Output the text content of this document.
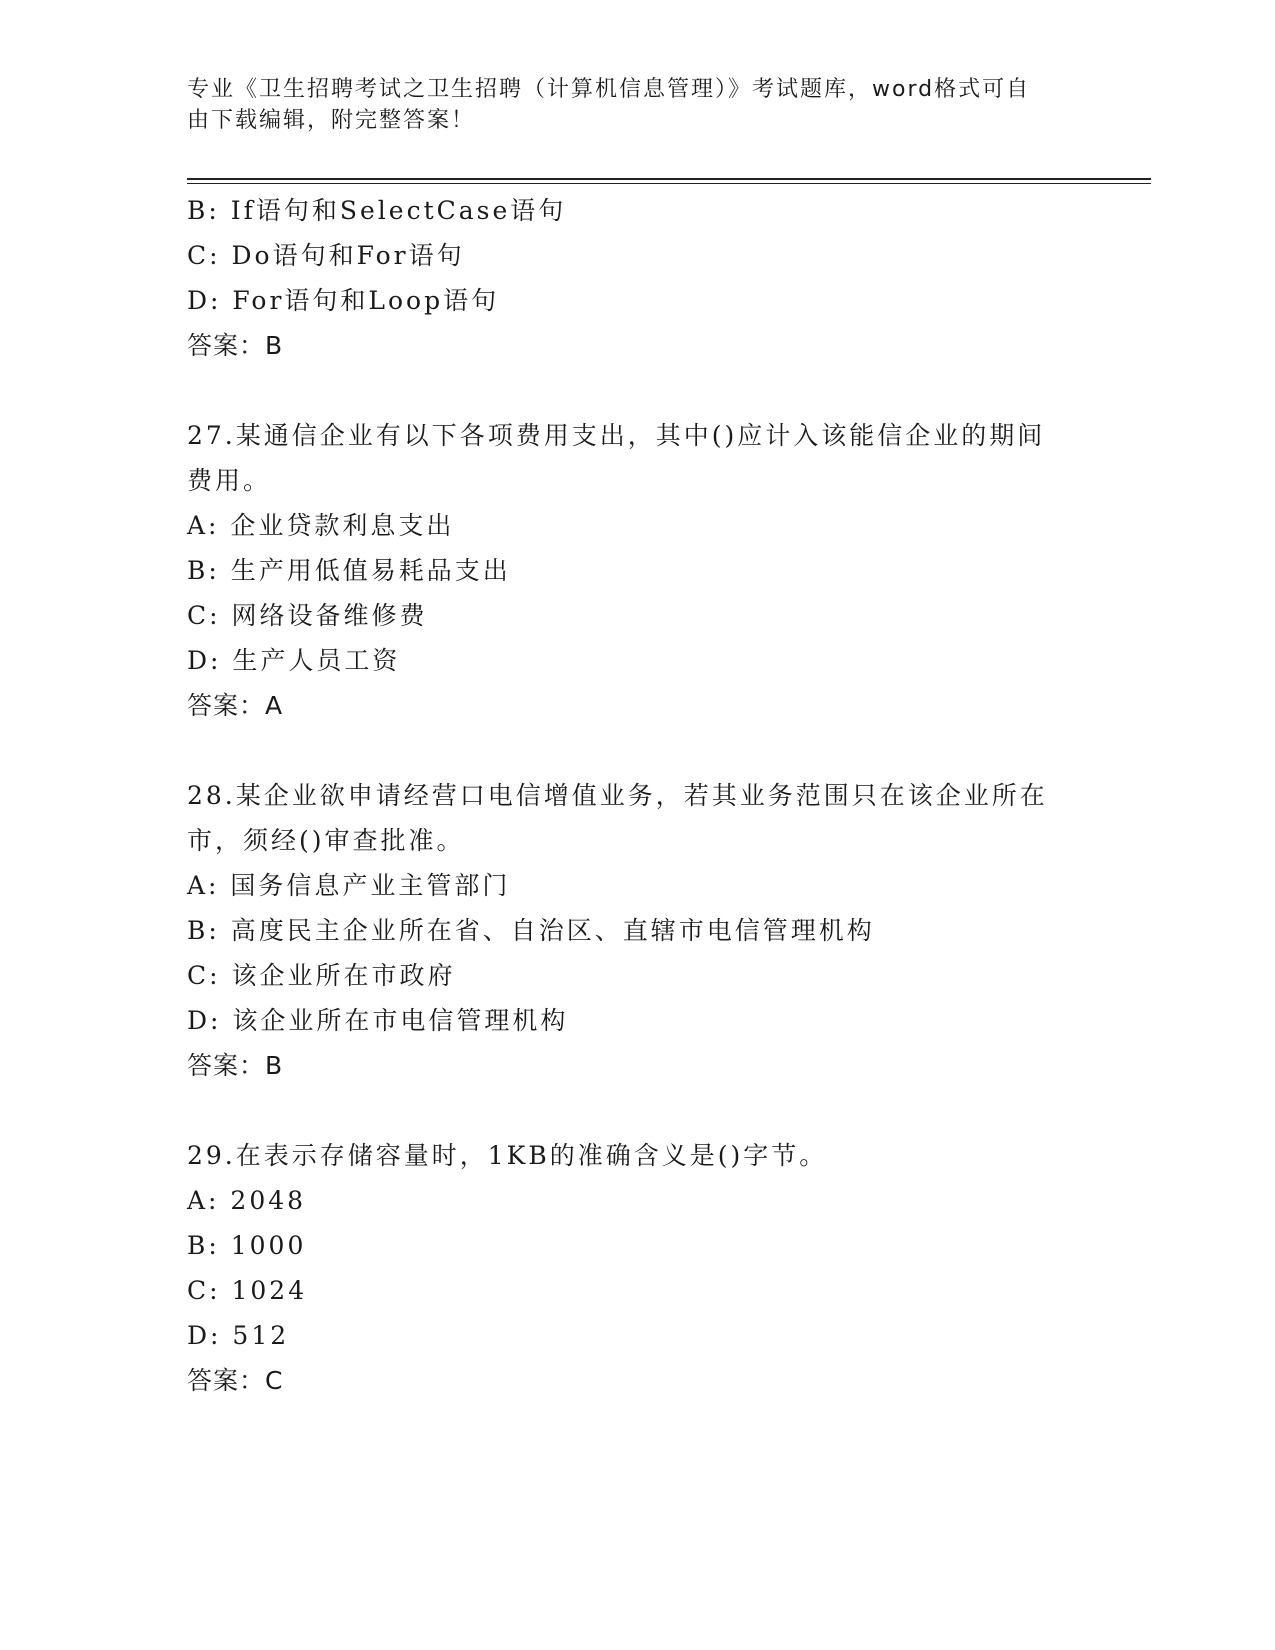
专业《卫生招聘考试之卫生招聘（计算机信息管理）》考试题库，word格式可自
由下载编辑，附完整答案！
B: If语句和SelectCase语句
C: Do语句和For语句
D: For语句和Loop语句
答案：B
27.某通信企业有以下各项费用支出，其中()应计入该能信企业的期间
费用。
A: 企业贷款利息支出
B: 生产用低值易耗品支出
C: 网络设备维修费
D: 生产人员工资
答案：A
28.某企业欲申请经营口电信增值业务，若其业务范围只在该企业所在
市，须经()审查批准。
A: 国务信息产业主管部门
B: 高度民主企业所在省、自治区、直辖市电信管理机构
C: 该企业所在市政府
D: 该企业所在市电信管理机构
答案：B
29.在表示存储容量时，1KB的准确含义是()字节。
A: 2048
B: 1000
C: 1024
D: 512
答案：C
